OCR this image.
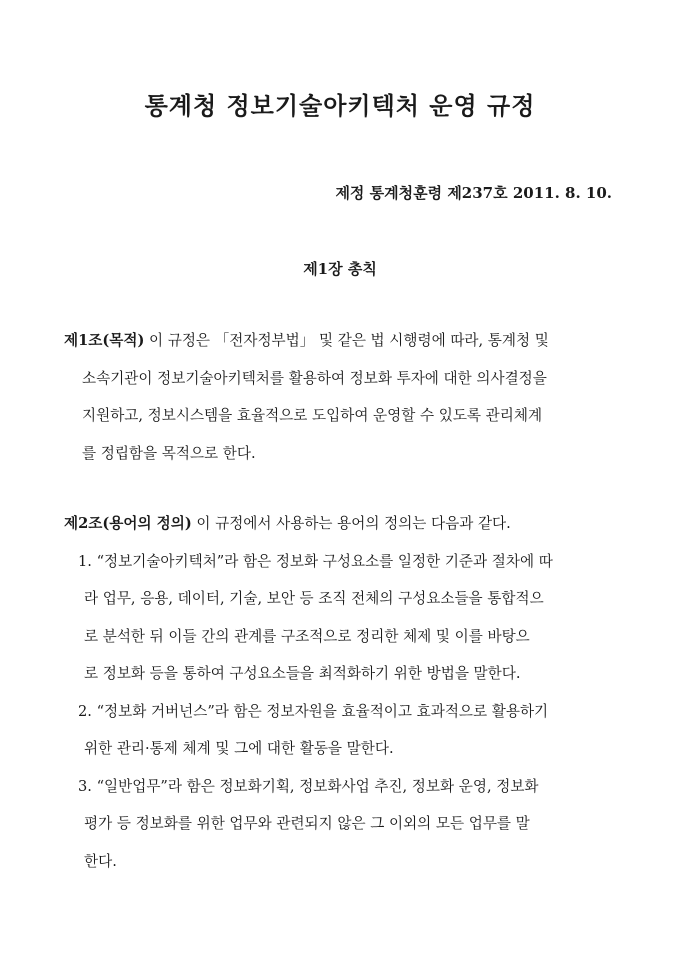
통계청 정보기술아키텍처 운영 규정
제정 통계청훈령 제237호 2011. 8. 10.
제1장 총칙
제1조(목적) 이 규정은 「전자정부법」 및 같은 법 시행령에 따라, 통계청 및
소속기관이 정보기술아키텍처를 활용하여 정보화 투자에 대한 의사결정을
지원하고, 정보시스템을 효율적으로 도입하여 운영할 수 있도록 관리체계
를 정립함을 목적으로 한다.
제2조(용어의 정의) 이 규정에서 사용하는 용어의 정의는 다음과 같다.
1. “정보기술아키텍처”라 함은 정보화 구성요소를 일정한 기준과 절차에 따
라 업무, 응용, 데이터, 기술, 보안 등 조직 전체의 구성요소들을 통합적으
로 분석한 뒤 이들 간의 관계를 구조적으로 정리한 체제 및 이를 바탕으
로 정보화 등을 통하여 구성요소들을 최적화하기 위한 방법을 말한다.
2. “정보화 거버넌스”라 함은 정보자원을 효율적이고 효과적으로 활용하기
위한 관리·통제 체계 및 그에 대한 활동을 말한다.
3. “일반업무”라 함은 정보화기획, 정보화사업 추진, 정보화 운영, 정보화
평가 등 정보화를 위한 업무와 관련되지 않은 그 이외의 모든 업무를 말
한다.
